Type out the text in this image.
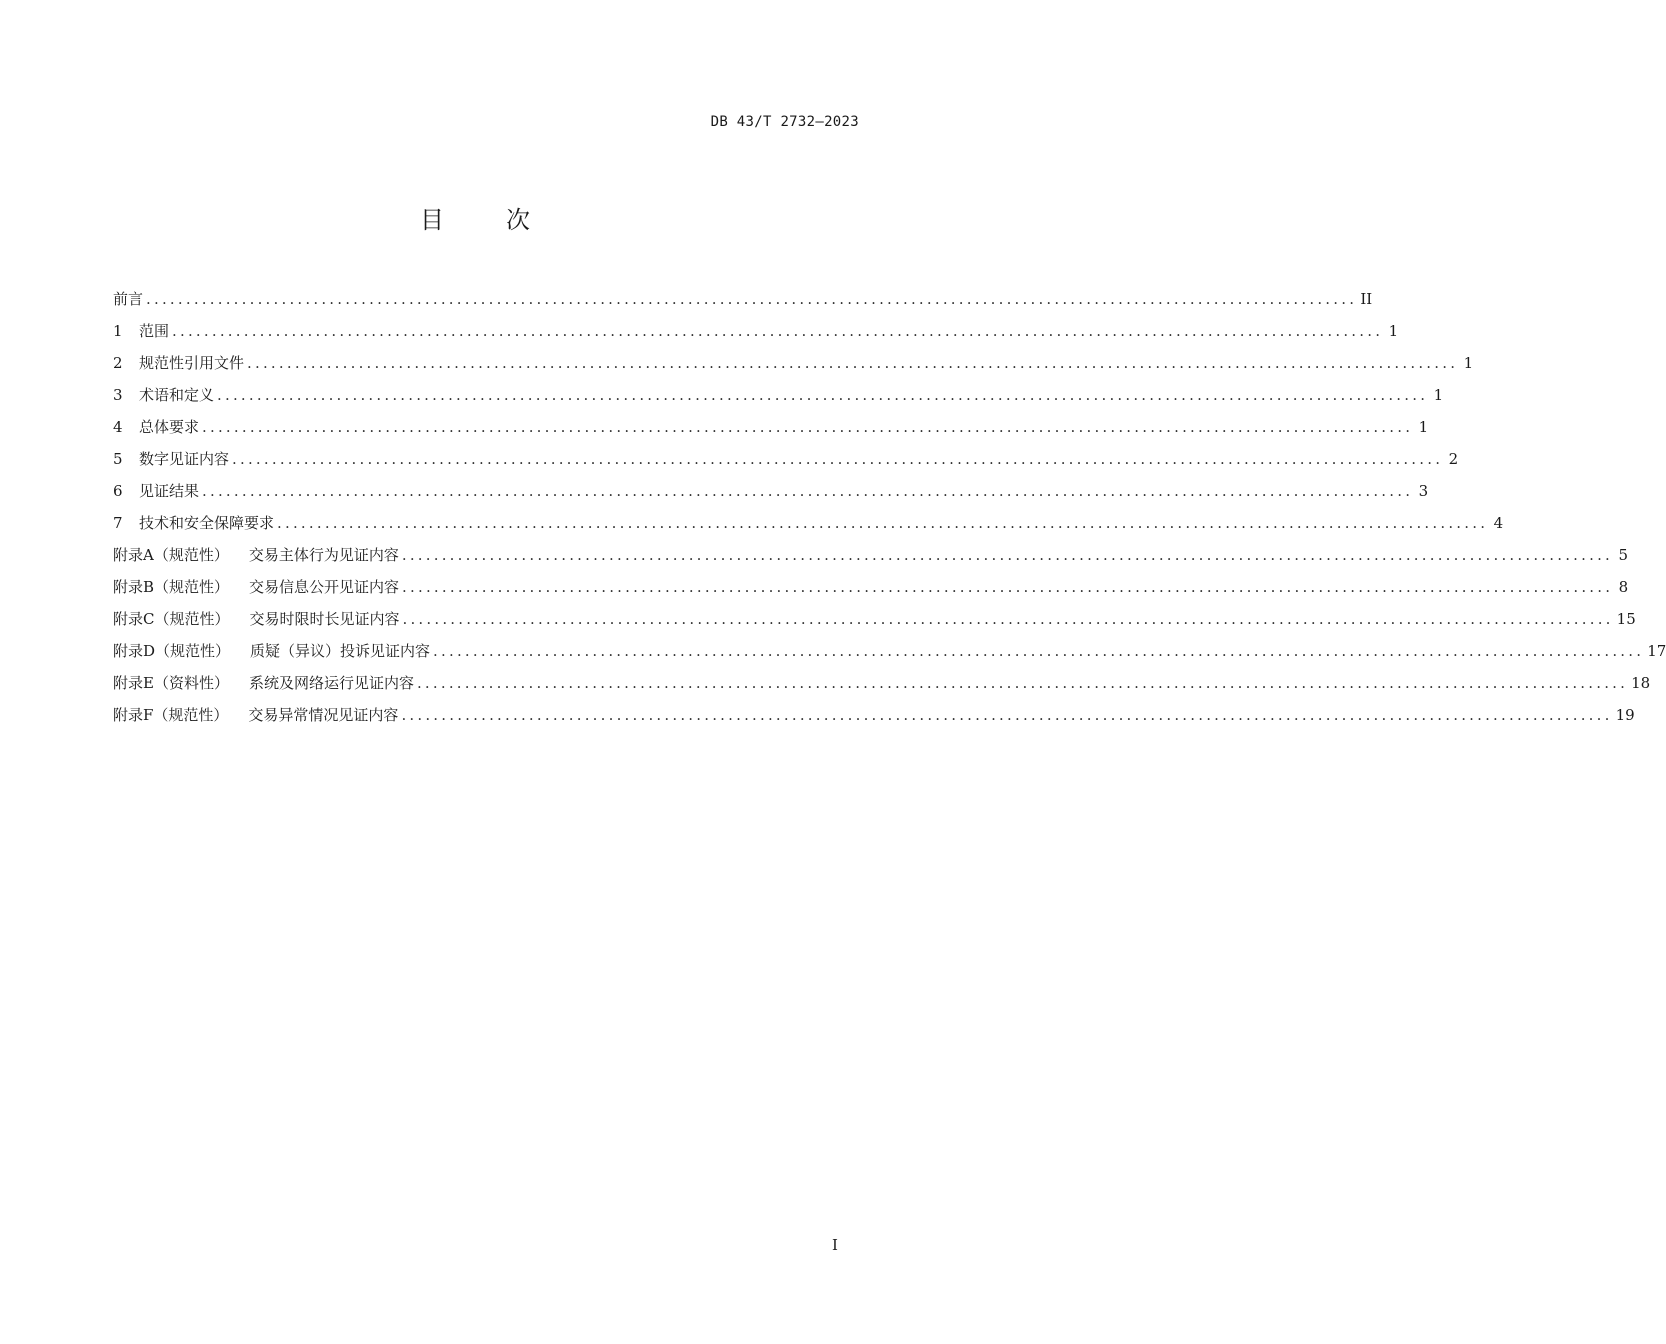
DB 43/T 2732—2023
目次
前言 ........................................................................................................................................................ II
1	范围 ........................................................................................................................................................ 1
2	规范性引用文件 ........................................................................................................................................................ 1
3	术语和定义 ........................................................................................................................................................ 1
4	总体要求 ........................................................................................................................................................ 1
5	数字见证内容 ........................................................................................................................................................ 2
6	见证结果 ........................................................................................................................................................ 3
7	技术和安全保障要求 ........................................................................................................................................................ 4
附录A（规范性）	交易主体行为见证内容 ........................................................................................................................................................ 5
附录B（规范性）	交易信息公开见证内容 ........................................................................................................................................................ 8
附录C（规范性）	交易时限时长见证内容 ........................................................................................................................................................ 15
附录D（规范性）	质疑（异议）投诉见证内容 ........................................................................................................................................................ 17
附录E（资料性）	系统及网络运行见证内容 ........................................................................................................................................................ 18
附录F（规范性）	交易异常情况见证内容 ........................................................................................................................................................ 19
I
